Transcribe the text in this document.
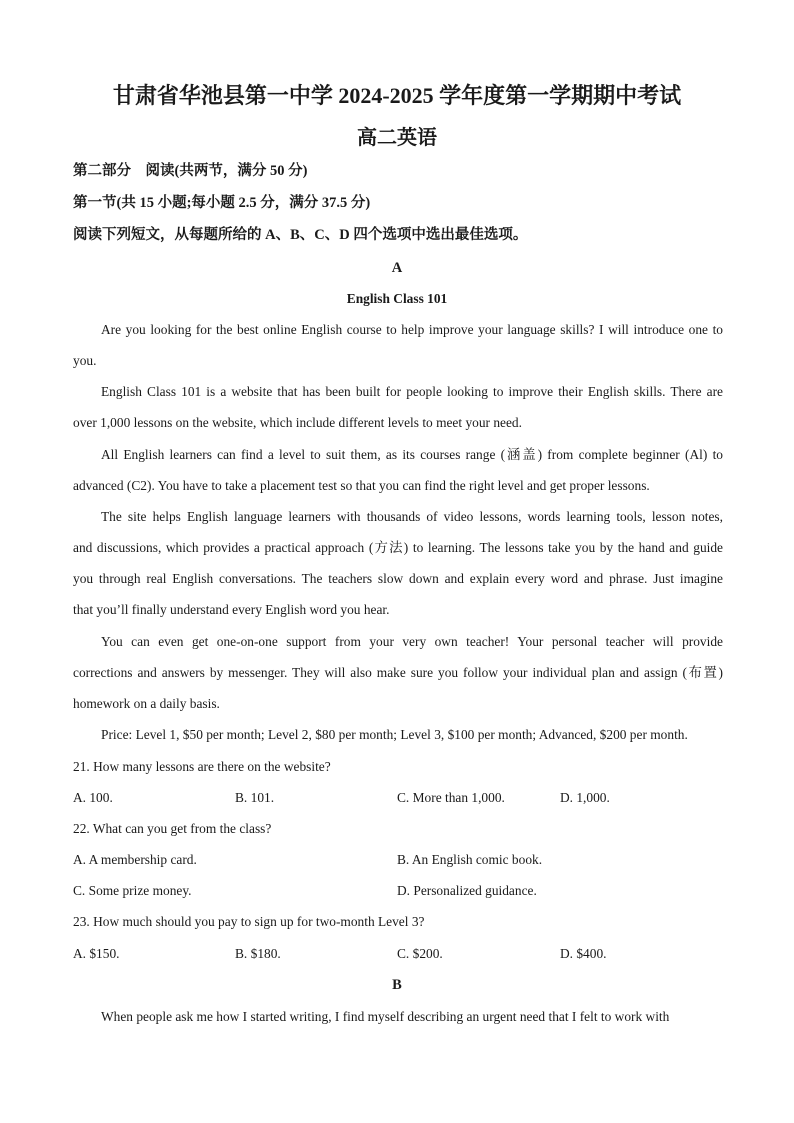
甘肃省华池县第一中学 2024-2025 学年度第一学期期中考试
高二英语

第二部分　阅读(共两节，满分 50 分)

第一节(共 15 小题;每小题 2.5 分，满分 37.5 分)

阅读下列短文，从每题所给的 A、B、C、D 四个选项中选出最佳选项。

A

English Class 101

Are you looking for the best online English course to help improve your language skills? I will introduce one to

you.

English Class 101 is a website that has been built for people looking to improve their English skills. There are

over 1,000 lessons on the website, which include different levels to meet your need.

All English learners can find a level to suit them, as its courses range (涵盖) from complete beginner (Al) to

advanced (C2). You have to take a placement test so that you can find the right level and get proper lessons.

The site helps English language learners with thousands of video lessons, words learning tools, lesson notes,

and discussions, which provides a practical approach (方法) to learning. The lessons take you by the hand and guide

you through real English conversations. The teachers slow down and explain every word and phrase. Just imagine

that you’ll finally understand every English word you hear.

You can even get one-on-one support from your very own teacher! Your personal teacher will provide

corrections and answers by messenger. They will also make sure you follow your individual plan and assign (布置)

homework on a daily basis.

Price: Level 1, $50 per month; Level 2, $80 per month; Level 3, $100 per month; Advanced, $200 per month.

21. How many lessons are there on the website?

A. 100.	B. 101.	C. More than 1,000.	D. 1,000.

22. What can you get from the class?

A. A membership card.	B. An English comic book.

C. Some prize money.	D. Personalized guidance.

23. How much should you pay to sign up for two-month Level 3?

A. $150.	B. $180.	C. $200.	D. $400.

B

When people ask me how I started writing, I find myself describing an urgent need that I felt to work with
